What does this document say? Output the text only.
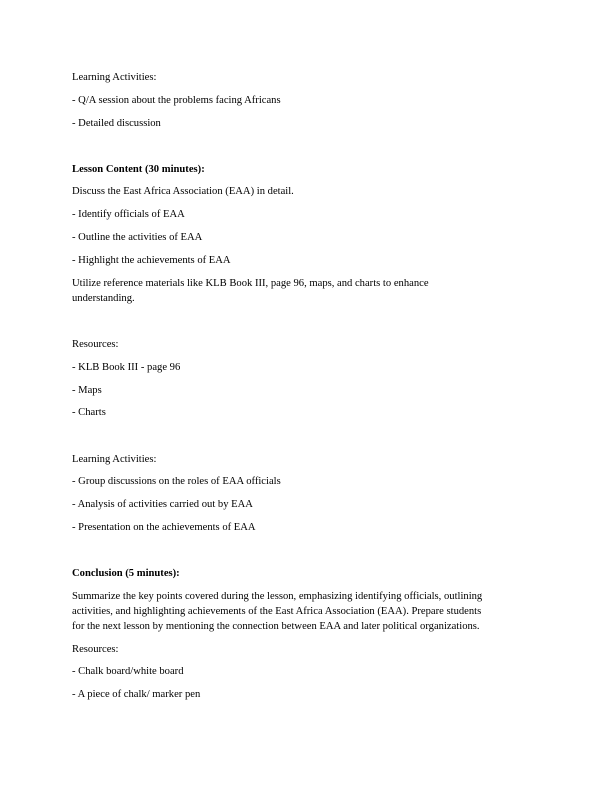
Learning Activities:
- Q/A session about the problems facing Africans
- Detailed discussion
Lesson Content (30 minutes):
Discuss the East Africa Association (EAA) in detail.
- Identify officials of EAA
- Outline the activities of EAA
- Highlight the achievements of EAA
Utilize reference materials like KLB Book III, page 96, maps, and charts to enhance
understanding.
Resources:
- KLB Book III - page 96
- Maps
- Charts
Learning Activities:
- Group discussions on the roles of EAA officials
- Analysis of activities carried out by EAA
- Presentation on the achievements of EAA
Conclusion (5 minutes):
Summarize the key points covered during the lesson, emphasizing identifying officials, outlining
activities, and highlighting achievements of the East Africa Association (EAA). Prepare students
for the next lesson by mentioning the connection between EAA and later political organizations.
Resources:
- Chalk board/white board
- A piece of chalk/ marker pen
